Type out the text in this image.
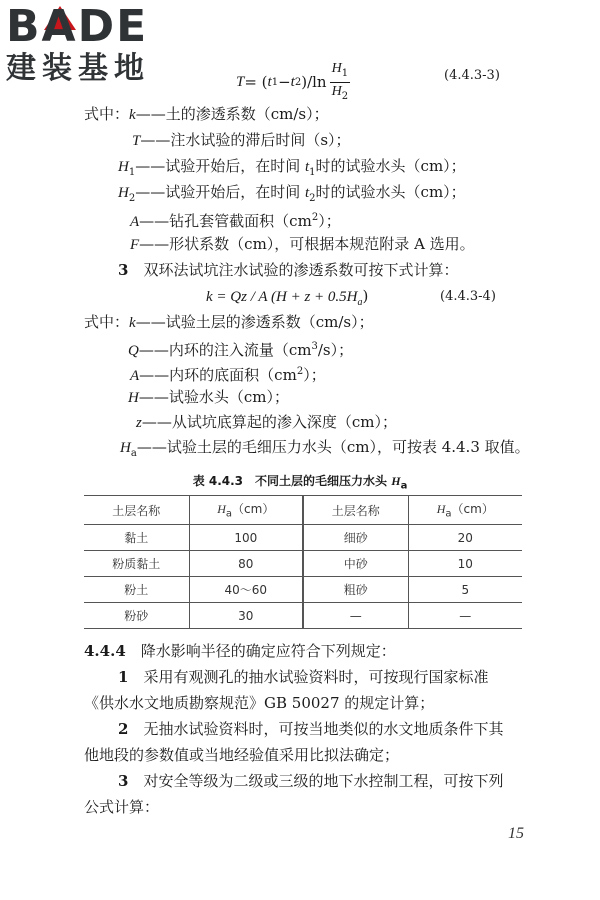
B A DE
建装基地	T = ( t 1 − t 2 )$/\ln \frac{H_1}{H_2}$	(4.4.3-3)
式中：k——土的渗透系数（cm/s）；
T——注水试验的滞后时间（s）；
$H_1——$试验开始后，在时间 $t_1$时的试验水头（cm）；
$H_2——$试验开始后，在时间 $t_2$时的试验水头（cm）；
A——钻孔套管截面积$(cm^2)$；
F——形状系数（cm），可根据本规范附录 A 选用。
3　 双环法试坑注水试验的渗透系数可按下式计算：
k = Qz / A $(H + z + 0.5H_a)$	(4.4.3-4)
式中：k——试验土层的渗透系数（cm/s）；
Q——内环的注入流量$(cm^3/s)$；
A——内环的底面积$(cm^2)$；
H——试验水头（cm）；
z——从试坑底算起的渗入深度（cm）；
$H_a——$试验土层的毛细压力水头（cm），可按表 4.4.3 取值。
表 4.4.3　不同土层的毛细压力水头 $H_a$
土层名称	$H_a(cm)$	土层名称	$H_a(cm)$
黏土	100	细砂	20
粉质黏土	80	中砂	10
粉土	40～60	粗砂	5
粉砂	30	—	—
4.4.4　 降水影响半径的确定应符合下列规定：
1　 采用有观测孔的抽水试验资料时，可按现行国家标准
《供水水文地质勘察规范》GB 50027 的规定计算；
2　 无抽水试验资料时，可按当地类似的水文地质条件下其
他地段的参数值或当地经验值采用比拟法确定；
3　 对安全等级为二级或三级的地下水控制工程，可按下列
公式计算：
15
